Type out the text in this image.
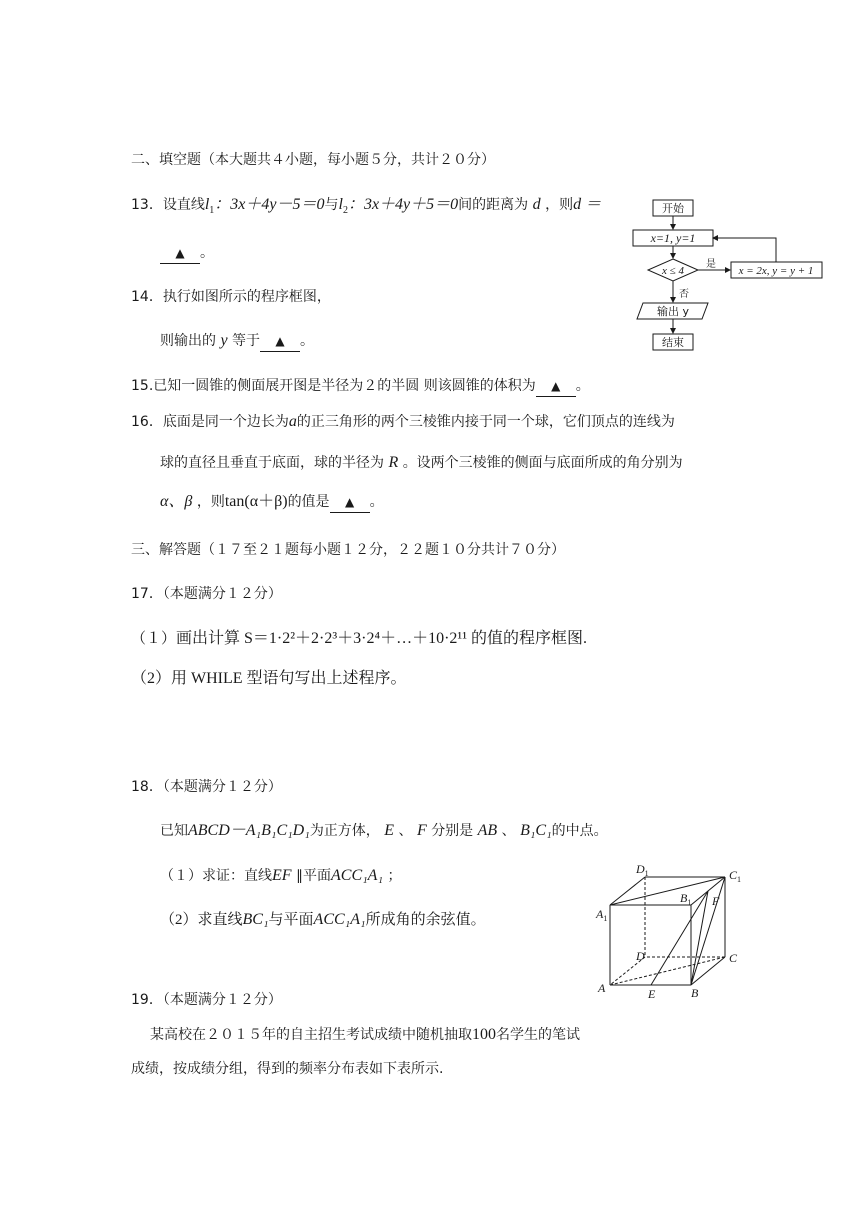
二、填空题（本大题共４小题，每小题５分，共计２０分）
13．设直线$l_1$：3x＋4y－5＝0与$l_2$：3x＋4y＋5＝0间的距离为 d ，则d ＝
▲ 。
14．执行如图所示的程序框图，
则输出的 y 等于 ▲ 。
15.已知一圆锥的侧面展开图是半径为２的半圆 则该圆锥的体积为 ▲ 。
16．底面是同一个边长为a的正三角形的两个三棱锥内接于同一个球，它们顶点的连线为
球的直径且垂直于底面，球的半径为 R 。设两个三棱锥的侧面与底面所成的角分别为
α、β ，则tan(α＋β)的值是 ▲ 。
三、解答题（１７至２１题每小题１２分，２２题１０分共计７０分）
17．（本题满分１２分）
（１）画出计算 S＝1·2²＋2·2³＋3·2⁴＋…＋10·2¹¹ 的值的程序框图.
（2）用 WHILE 型语句写出上述程序。
18．（本题满分１２分）
已知ABCD－A₁B₁C₁D₁为正方体， E 、 F 分别是 AB 、 B₁C₁的中点。
（１）求证：直线EF ∥平面ACC₁A₁ ；
（2）求直线BC₁与平面ACC₁A₁所成角的余弦值。
19．（本题满分１２分）
某高校在２０１５年的自主招生考试成绩中随机抽取100名学生的笔试
成绩，按成绩分组，得到的频率分布表如下表所示.
开始
x=1, y=1
x ≤ 4
是
否
x = 2x, y = y + 1
输出 y
结束
$A_1$
$B_1$
$C_1$
$D_1$
A	B
C
D
E
F
